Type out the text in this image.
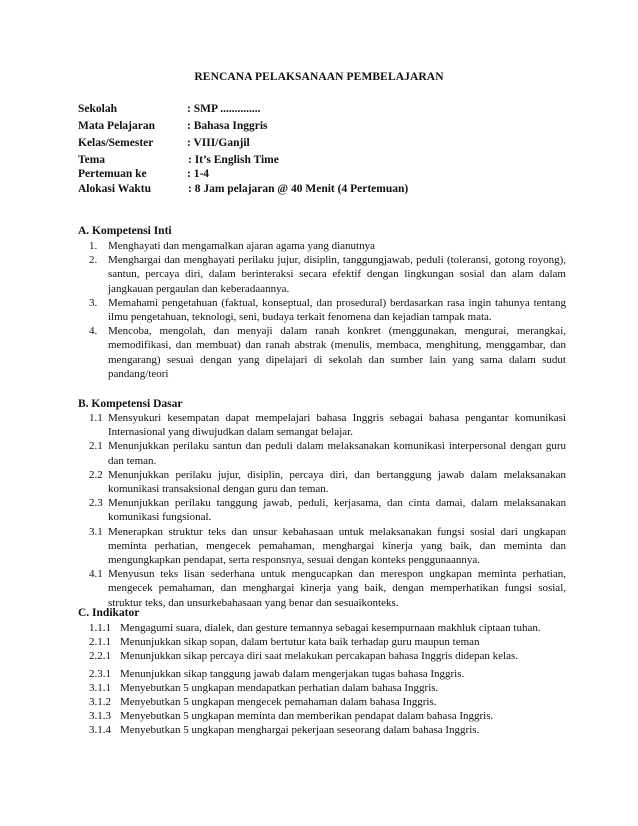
RENCANA PELAKSANAAN PEMBELAJARAN
Sekolah	: SMP ..............
Mata Pelajaran	: Bahasa Inggris
Kelas/Semester	: VIII/Ganjil
Tema	: It’s English Time
Pertemuan ke	: 1-4
Alokasi Waktu	: 8 Jam pelajaran @ 40 Menit (4 Pertemuan)
A. Kompetensi Inti
1. Menghayati dan mengamalkan ajaran agama yang dianutnya
2. Menghargai dan menghayati perilaku jujur, disiplin, tanggungjawab, peduli (toleransi, gotong royong), santun, percaya diri, dalam berinteraksi secara efektif dengan lingkungan sosial dan alam dalam jangkauan pergaulan dan keberadaannya.
3. Memahami pengetahuan (faktual, konseptual, dan prosedural) berdasarkan rasa ingin tahunya tentang ilmu pengetahuan, teknologi, seni, budaya terkait fenomena dan kejadian tampak mata.
4. Mencoba, mengolah, dan menyaji dalam ranah konkret (menggunakan, mengurai, merangkai, memodifikasi, dan membuat) dan ranah abstrak (menulis, membaca, menghitung, menggambar, dan mengarang) sesuai dengan yang dipelajari di sekolah dan sumber lain yang sama dalam sudut pandang/teori
B. Kompetensi Dasar
1.1 Mensyukuri kesempatan dapat mempelajari bahasa Inggris sebagai bahasa pengantar komunikasi Internasional yang diwujudkan dalam semangat belajar.
2.1 Menunjukkan perilaku santun dan peduli dalam melaksanakan komunikasi interpersonal dengan guru dan teman.
2.2 Menunjukkan perilaku jujur, disiplin, percaya diri, dan bertanggung jawab dalam melaksanakan komunikasi transaksional dengan guru dan teman.
2.3 Menunjukkan perilaku tanggung jawab, peduli, kerjasama, dan cinta damai, dalam melaksanakan komunikasi fungsional.
3.1 Menerapkan struktur teks dan unsur kebahasaan untuk melaksanakan fungsi sosial dari ungkapan meminta perhatian, mengecek pemahaman, menghargai kinerja yang baik, dan meminta dan mengungkapkan pendapat, serta responsnya, sesuai dengan konteks penggunaannya.
4.1 Menyusun teks lisan sederhana untuk mengucapkan dan merespon ungkapan meminta perhatian, mengecek pemahaman, dan menghargai kinerja yang baik, dengan memperhatikan fungsi sosial, struktur teks, dan unsurkebahasaan yang benar dan sesuaikonteks.
C. Indikator
1.1.1 Mengagumi suara, dialek, dan gesture temannya sebagai kesempurnaan makhluk ciptaan tuhan.
2.1.1 Menunjukkan sikap sopan, dalam bertutur kata baik terhadap guru maupun teman
2.2.1 Menunjukkan sikap percaya diri saat melakukan percakapan bahasa Inggris didepan kelas.
2.3.1 Menunjukkan sikap tanggung jawab dalam mengerjakan tugas bahasa Inggris.
3.1.1 Menyebutkan 5 ungkapan mendapatkan perhatian dalam bahasa Inggris.
3.1.2 Menyebutkan 5 ungkapan mengecek pemahaman dalam bahasa Inggris.
3.1.3 Menyebutkan 5 ungkapan meminta dan memberikan pendapat dalam bahasa Inggris.
3.1.4 Menyebutkan 5 ungkapan menghargai pekerjaan seseorang dalam bahasa Inggris.
